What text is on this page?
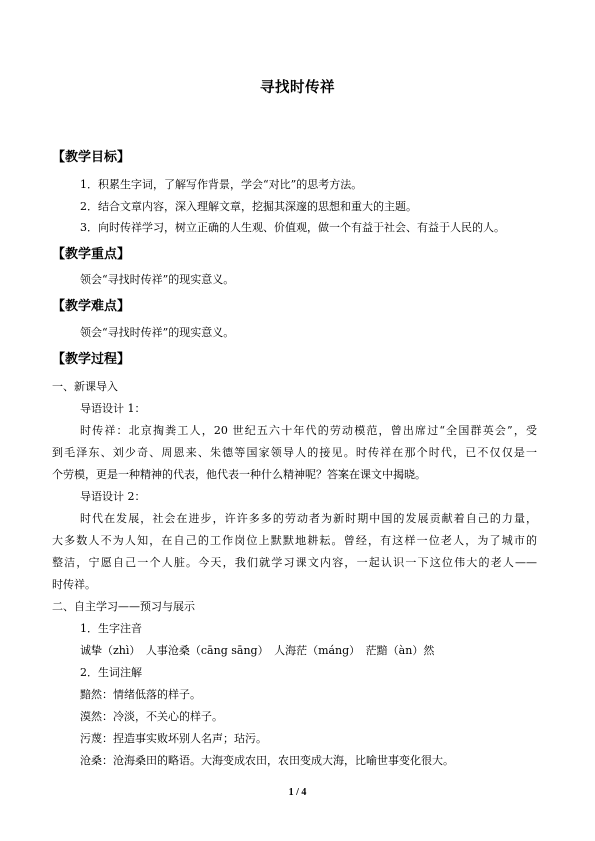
寻找时传祥
【教学目标】
1．积累生字词，了解写作背景，学会“对比”的思考方法。
2．结合文章内容，深入理解文章，挖掘其深邃的思想和重大的主题。
3．向时传祥学习，树立正确的人生观、价值观，做一个有益于社会、有益于人民的人。
【教学重点】
领会“寻找时传祥”的现实意义。
【教学难点】
领会“寻找时传祥”的现实意义。
【教学过程】
一、新课导入
导语设计 1：
时传祥：北京掏粪工人，20 世纪五六十年代的劳动模范，曾出席过“全国群英会”，受
到毛泽东、刘少奇、周恩来、朱德等国家领导人的接见。时传祥在那个时代，已不仅仅是一
个劳模，更是一种精神的代表，他代表一种什么精神呢？答案在课文中揭晓。
导语设计 2：
时代在发展，社会在进步，许许多多的劳动者为新时期中国的发展贡献着自己的力量，
大多数人不为人知，在自己的工作岗位上默默地耕耘。曾经，有这样一位老人，为了城市的
整洁，宁愿自己一个人脏。今天，我们就学习课文内容，一起认识一下这位伟大的老人——
时传祥。
二、自主学习——预习与展示
1．生字注音
诚挚（zhì）　人事沧桑（cāng sāng）　人海茫（máng）　茫黯（àn）然
2．生词注解
黯然：情绪低落的样子。
漠然：冷淡，不关心的样子。
污蔑：捏造事实败坏别人名声；玷污。
沧桑：沧海桑田的略语。大海变成农田，农田变成大海，比喻世事变化很大。
1 / 4
